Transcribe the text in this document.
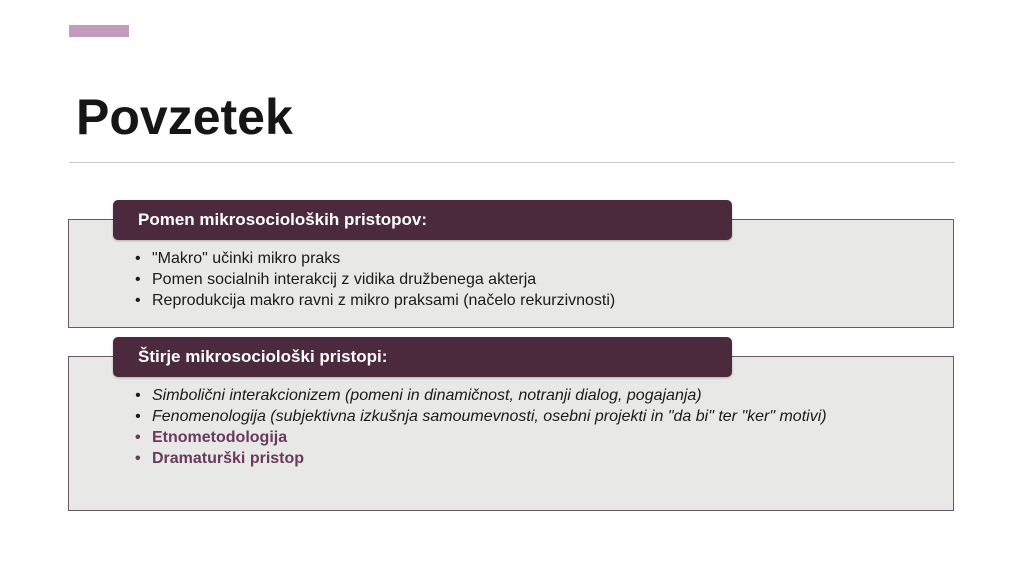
Povzetek
Pomen mikrosocioloških pristopov:
• "Makro" učinki mikro praks
• Pomen socialnih interakcij z vidika družbenega akterja
• Reprodukcija makro ravni z mikro praksami (načelo rekurzivnosti)
Štirje mikrosociološki pristopi:
• Simbolični interakcionizem (pomeni in dinamičnost, notranji dialog, pogajanja)
• Fenomenologija (subjektivna izkušnja samoumevnosti, osebni projekti in "da bi" ter "ker" motivi)
• Etnometodologija
• Dramaturški pristop
